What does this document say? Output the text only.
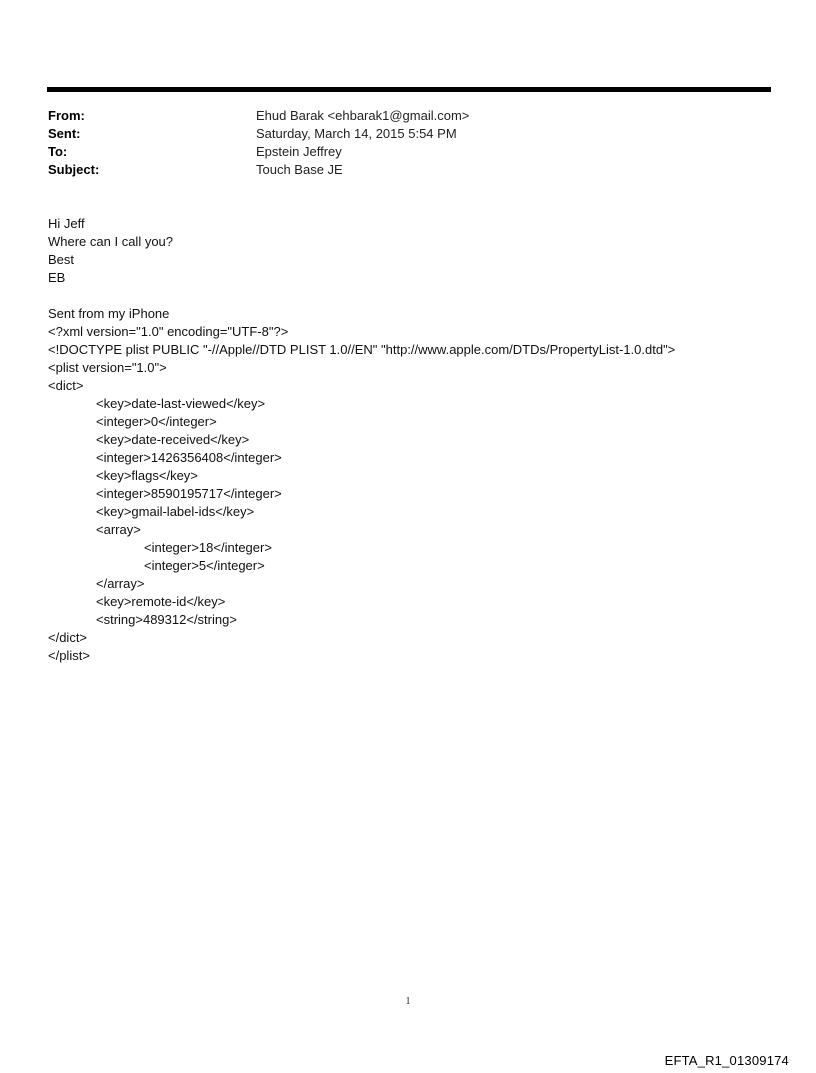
From:	Ehud Barak <ehbarak1@gmail.com>
Sent:	Saturday, March 14, 2015 5:54 PM
To:	Epstein Jeffrey
Subject:	Touch Base JE
Hi Jeff
Where can I call you?
Best
EB
Sent from my iPhone
<?xml version="1.0" encoding="UTF-8"?>
<!DOCTYPE plist PUBLIC "-//Apple//DTD PLIST 1.0//EN" "http://www.apple.com/DTDs/PropertyList-1.0.dtd">
<plist version="1.0">
<dict>
<key>date-last-viewed</key>
<integer>0</integer>
<key>date-received</key>
<integer>1426356408</integer>
<key>flags</key>
<integer>8590195717</integer>
<key>gmail-label-ids</key>
<array>
<integer>18</integer>
<integer>5</integer>
</array>
<key>remote-id</key>
<string>489312</string>
</dict>
</plist>
1
EFTA_R1_01309174
